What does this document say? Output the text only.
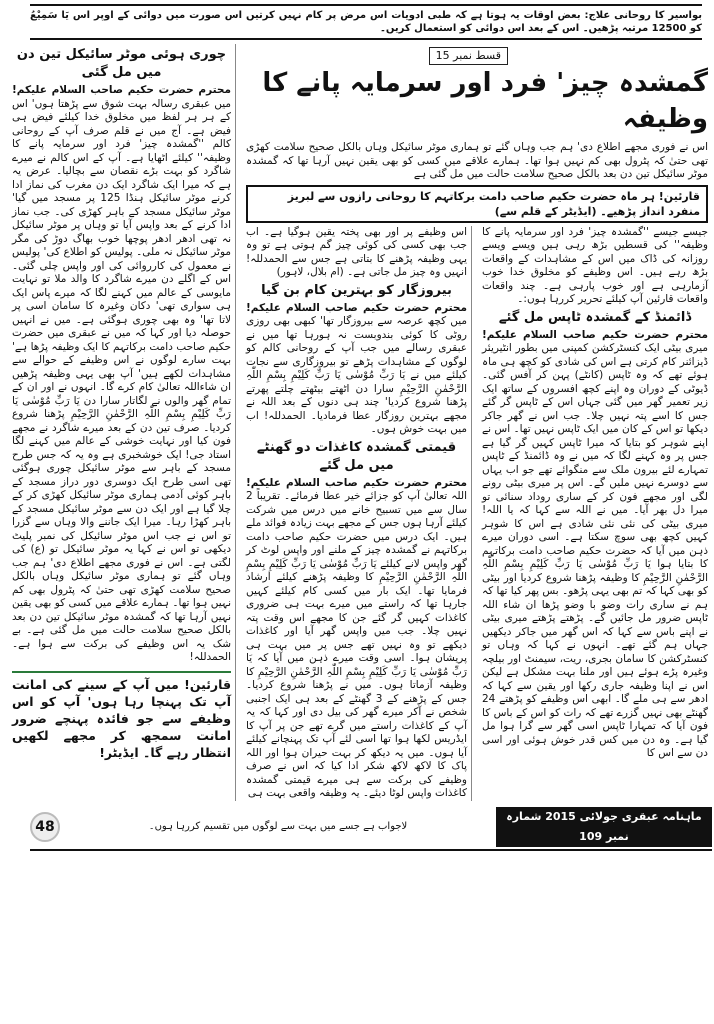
بواسیر کا روحانی علاج: بعض اوقات یہ ہوتا ہے کہ طبی ادویات اس مرض پر کام نہیں کرتیں اس صورت میں دوائی کے اوپر اس یَا سَمِیْعُ کو 12500 مرتبہ پڑھیں۔ اس کے بعد اس دوائی کو استعمال کریں۔
قسط نمبر 15
گمشدہ چیز' فرد اور سرمایہ پانے کا وظیفہ

اس نے فوری مجھے اطلاع دی' ہم جب وہاں گئے تو ہماری موٹر سائیکل وہاں بالکل صحیح سلامت کھڑی تھی حتیٰ کہ پٹرول بھی کم نہیں ہوا تھا۔ ہمارے علاقے میں کسی کو بھی یقین نہیں آرہا تھا کہ گمشدہ موٹر سائیکل تین دن بعد بالکل صحیح سلامت حالت میں مل گئی ہے

قارئین! ہر ماہ حضرت حکیم صاحب دامت برکاتہم کا روحانی رازوں سے لبریز منفرد انداز پڑھیے۔ (ایڈیٹر کے قلم سے)

جیسے جیسے ''گمشدہ چیز' فرد اور سرمایہ پانے کا وظیفہ'' کی قسطیں بڑھ رہی ہیں ویسے ویسے روزانہ کی ڈاک میں اس کے مشاہدات کے واقعات بڑھ رہے ہیں۔ اس وظیفے کو مخلوق خدا خوب آزمارہی ہے اور خوب پارہی ہے۔ چند واقعات واقعات قارئین آپ کیلئے تحریر کررہا ہوں:۔

ڈائمنڈ کے گمشدہ ٹاپس مل گئے

محترم حضرت حکیم صاحب السلام علیکم! میری بیٹی ایک کنسٹرکشن کمپنی میں بطور انٹیریئر ڈیزائنر کام کرتی ہے اس کی شادی کو کچھ ہی ماہ ہوئے تھے کہ وہ ٹاپس (کانٹے) پہن کر آفس گئی۔ ڈیوٹی کے دوران وہ اپنے کچھ افسروں کے ساتھ ایک زیر تعمیر گھر میں گئی جہاں اس کے ٹاپس گر گئے جس کا اسے پتہ نہیں چلا۔ جب اس نے گھر جاکر دیکھا تو اس کے کان میں ایک ٹاپس نہیں تھا۔ اس نے اپنے شوہر کو بتایا کہ میرا ٹاپس کہیں گر گیا ہے جس پر وہ کہنے لگا کہ میں نے وہ ڈائمنڈ کے ٹاپس تمہارے لئے بیرون ملک سے منگوائے تھے جو اب یہاں سے دوسرے نہیں ملیں گے۔ اس پر میری بیٹی رونے لگی اور مجھے فون کر کے ساری روداد سنائی تو میرا دل بھر آیا۔ میں نے اللہ سے کہا کہ یا اللہ! میری بیٹی کی نئی نئی شادی ہے اس کا شوہر کہیں کچھ بھی سوچ سکتا ہے۔ اسی دوران میرے ذہن میں آیا کہ حضرت حکیم صاحب دامت برکاتہم کا بتایا ہوا یَا رَبِّ مُوْسٰی یَا رَبِّ کَلِیْمِ بِسْمِ اللّٰہِ الرَّحْمٰنِ الرَّحِیْمِ کا وظیفہ پڑھنا شروع کردیا اور بیٹی کو بھی کہا کہ تم بھی یہی پڑھو۔ بس پھر کیا تھا کہ ہم نے ساری رات وضو با وضو پڑھا ان شاء اللہ ٹاپس ضرور مل جائیں گے۔ پڑھتے پڑھتے میری بیٹی نے اپنے باس سے کہا کہ اس گھر میں جاکر دیکھیں جہاں ہم گئے تھے۔ انہوں نے کہا کہ وہاں تو کنسٹرکشن کا سامان بجری، ریت، سیمنٹ اور بیلچہ وغیرہ پڑے ہوئے ہیں اور ملنا بہت مشکل ہے لیکن اس نے اپنا وظیفہ جاری رکھا اور یقین سے کہا کہ ادھر سے ہی ملے گا۔ ابھی اس وظیفے کو پڑھتے 24 گھنٹے بھی نہیں گزرے تھے کہ رات کو اس کے باس کا فون آیا کہ تمہارا ٹاپس اسی گھر سے گرا ہوا مل گیا ہے۔ وہ دن میں کس قدر خوش ہوئی اور اسی دن سے اس کا

اس وظیفے پر اور بھی پختہ یقین ہوگیا ہے۔ اب جب بھی کسی کی کوئی چیز گم ہوتی ہے تو وہ یہی وظیفہ پڑھنے کا بتاتی ہے جس سے الحمدللہ! انہیں وہ چیز مل جاتی ہے۔ (ام بلال، لاہور)

بیروزگار کو بہترین کام بن گیا

محترم حضرت حکیم صاحب السلام علیکم! میں کچھ عرصہ سے بیروزگار تھا' کبھی بھی روزی روٹی کا کوئی بندوبست نہ ہورہا تھا میں نے عبقری رسالے میں جب آپ کے روحانی کالم کو لوگوں کے مشاہدات پڑھے تو بیروزگاری سے نجات کیلئے میں نے یَا رَبِّ مُوْسٰی یَا رَبِّ کَلِیْمِ بِسْمِ اللّٰہِ الرَّحْمٰنِ الرَّحِیْمِ سارا دن اٹھتے بیٹھتے چلتے پھرتے پڑھنا شروع کردیا' چند ہی دنوں کے بعد اللہ نے مجھے بہترین روزگار عطا فرمادیا۔ الحمدللہ! اب میں بہت خوش ہوں۔

قیمتی گمشدہ کاغذات دو گھنٹے میں مل گئے

محترم حضرت حکیم صاحب السلام علیکم! اللہ تعالیٰ آپ کو جزائے خیر عطا فرمائے۔ تقریباً 2 سال سے میں تسبیح خانے میں درس میں شرکت کیلئے آرہا ہوں جس کے مجھے بہت زیادہ فوائد ملے ہیں۔ ایک درس میں حضرت حکیم صاحب دامت برکاتہم نے گمشدہ چیز کے ملنے اور واپس لوٹ کر گھر واپس لانے کیلئے یَا رَبِّ مُوْسٰی یَا رَبِّ کَلِیْمِ بِسْمِ اللّٰہِ الرَّحْمٰنِ الرَّحِیْمِ کا وظیفہ پڑھنے کیلئے ارشاد فرمایا تھا۔ ایک بار میں کسی کام کیلئے کہیں جارہا تھا کہ راستے میں میرے بہت ہی ضروری کاغذات کہیں گر گئے جن کا مجھے اس وقت پتہ نہیں چلا۔ جب میں واپس گھر آیا اور کاغذات دیکھے تو وہ نہیں تھے جس پر میں بہت ہی پریشان ہوا۔ اسی وقت میرے ذہن میں آیا کہ یَا رَبِّ مُوْسٰی یَا رَبِّ کَلِیْمِ بِسْمِ اللّٰہِ الرَّحْمٰنِ الرَّحِیْمِ کا وظیفہ آزماتا ہوں۔ میں نے پڑھنا شروع کردیا۔ جس کے پڑھنے کے 3 گھنٹے کے بعد ہی ایک اجنبی شخص نے آکر میرے گھر کی بیل دی اور کہا کہ یہ آپ کے کاغذات راستے میں گرے تھے جن پر آپ کا ایڈریس لکھا ہوا تھا اسی لئے آپ تک پہنچانے کیلئے آیا ہوں۔ میں یہ دیکھ کر بہت حیران ہوا اور اللہ پاک کا لاکھ لاکھ شکر ادا کیا کہ اس نے صرف وظیفے کی برکت سے ہی میرے قیمتی گمشدہ کاغذات واپس لوٹا دیئے۔ یہ وظیفہ واقعی بہت ہی

چوری ہوئی موٹر سائیکل تین دن میں مل گئی

محترم حضرت حکیم صاحب السلام علیکم! میں عبقری رسالہ بہت شوق سے پڑھتا ہوں' اس کے ہر ہر لفظ میں مخلوق خدا کیلئے فیض ہی فیض ہے۔ آج میں نے قلم صرف آپ کے روحانی کالم ''گمشدہ چیز' فرد اور سرمایہ پانے کا وظیفہ'' کیلئے اٹھایا ہے۔ آپ کے اس کالم نے میرے شاگرد کو بہت بڑے نقصان سے بچالیا۔ عرض یہ ہے کہ میرا ایک شاگرد ایک دن مغرب کی نماز ادا کرنے موٹر سائیکل ہنڈا 125 پر مسجد میں گیا' موٹر سائیکل مسجد کے باہر کھڑی کی۔ جب نماز ادا کرنے کے بعد واپس آیا تو وہاں پر موٹر سائیکل نہ تھی ادھر ادھر پوچھا خوب بھاگ دوڑ کی مگر موٹر سائیکل نہ ملی۔ پولیس کو اطلاع کی' پولیس نے معمول کی کارروائی کی اور واپس چلی گئی۔ اس کے اگلے دن میرے شاگرد کا والد ملا تو نہایت مایوسی کے عالم میں کہنے لگا کہ میرے پاس ایک ہی سواری تھی' دکان وغیرہ کا سامان اسی پر لاتا تھا' وہ بھی چوری ہوگئی ہے۔ میں نے انہیں حوصلہ دیا اور کہا کہ میں نے عبقری میں حضرت حکیم صاحب دامت برکاتہم کا ایک وظیفہ پڑھا ہے' بہت سارے لوگوں نے اس وظیفے کے حوالے سے مشاہدات لکھے ہیں' آپ بھی یہی وظیفہ پڑھیں ان شاءاللہ تعالیٰ کام کرے گا۔ انہوں نے اور ان کے تمام گھر والوں نے لگاتار سارا دن یَا رَبِّ مُوْسٰی یَا رَبِّ کَلِیْمِ بِسْمِ اللّٰہِ الرَّحْمٰنِ الرَّحِیْمِ پڑھنا شروع کردیا۔ صرف تین دن کے بعد میرے شاگرد نے مجھے فون کیا اور نہایت خوشی کے عالم میں کہنے لگا استاد جی! ایک خوشخبری ہے وہ یہ کہ جس طرح مسجد کے باہر سے موٹر سائیکل چوری ہوگئی تھی اسی طرح ایک دوسری دور دراز مسجد کے باہر کوئی آدمی ہماری موٹر سائیکل کھڑی کر کے چلا گیا ہے اور ایک دن سے موٹر سائیکل مسجد کے باہر کھڑا رہا۔ میرا ایک جاننے والا وہاں سے گزرا تو اس نے جب اس موٹر سائیکل کی نمبر پلیٹ دیکھی تو اس نے کہا یہ موٹر سائیکل تو (ع) کی لگتی ہے۔ اس نے فوری مجھے اطلاع دی' ہم جب وہاں گئے تو ہماری موٹر سائیکل وہاں بالکل صحیح سلامت کھڑی تھی حتیٰ کہ پٹرول بھی کم نہیں ہوا تھا۔ ہمارے علاقے میں کسی کو بھی یقین نہیں آرہا تھا کہ گمشدہ موٹر سائیکل تین دن بعد بالکل صحیح سلامت حالت میں مل گئی ہے۔ بے شک یہ اس وظیفے کی برکت سے ہوا ہے۔ الحمدللہ!

قارئین! میں آپ کے سینے کی امانت آپ تک پہنچا رہا ہوں' آپ کو اس وظیفے سے جو فائدہ پہنچے ضرور امانت سمجھ کر مجھے لکھیں انتظار رہے گا۔ ایڈیٹر!
ماہنامہ عبقری جولائی 2015 شمارہ نمبر 109
لاجواب ہے جسے میں بہت سے لوگوں میں تقسیم کررہا ہوں۔
48
